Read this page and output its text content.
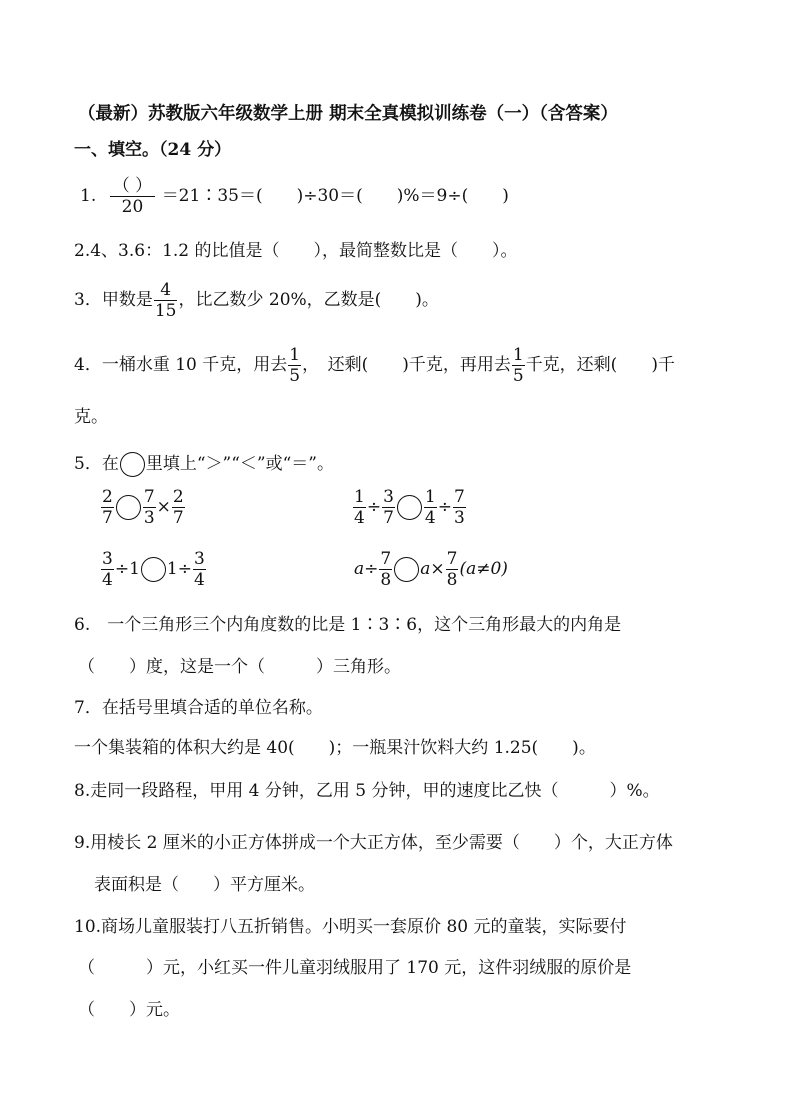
（最新）苏教版六年级数学上册 期末全真模拟训练卷（一）（含答案）
一、填空。（24 分）
1. $\frac{( )}{20}$ ＝21∶35＝(　　)÷30＝(　　)%＝9÷(　　)
2.4、3.6：1.2 的比值是（　　），最简整数比是（　　）。
3．甲数是 $\frac{4}{15}$ ，比乙数少 20%，乙数是(　　)。
4．一桶水重 10 千克，用去 $\frac{1}{5}$ ，　还剩(　　)千克，再用去 $\frac{1}{5}$ 千克，还剩(　　)千
克。
5．在 里填上“＞”“＜”或“＝”。
$\frac{2}{7} \frac{7}{3} \times \frac{2}{7}$	$\frac{1}{4} \div \frac{3}{7} \frac{1}{4} \div \frac{7}{3}$
$\frac{3}{4} \div 1$ $1\div \frac{3}{4}$	$a\div \frac{7}{8} a\times \frac{7}{8} (a\ne 0)$
6.　一个三角形三个内角度数的比是 1∶3∶6，这个三角形最大的内角是
（　　）度，这是一个（　　　）三角形。
7．在括号里填合适的单位名称。
一个集装箱的体积大约是 40(　　)；一瓶果汁饮料大约 1.25(　　)。
8.走同一段路程，甲用 4 分钟，乙用 5 分钟，甲的速度比乙快（　　　）%。
9.用棱长 2 厘米的小正方体拼成一个大正方体，至少需要（　　）个，大正方体
表面积是（　　）平方厘米。
10.商场儿童服装打八五折销售。小明买一套原价 80 元的童装，实际要付
（　　　）元，小红买一件儿童羽绒服用了 170 元，这件羽绒服的原价是
（　　）元。
